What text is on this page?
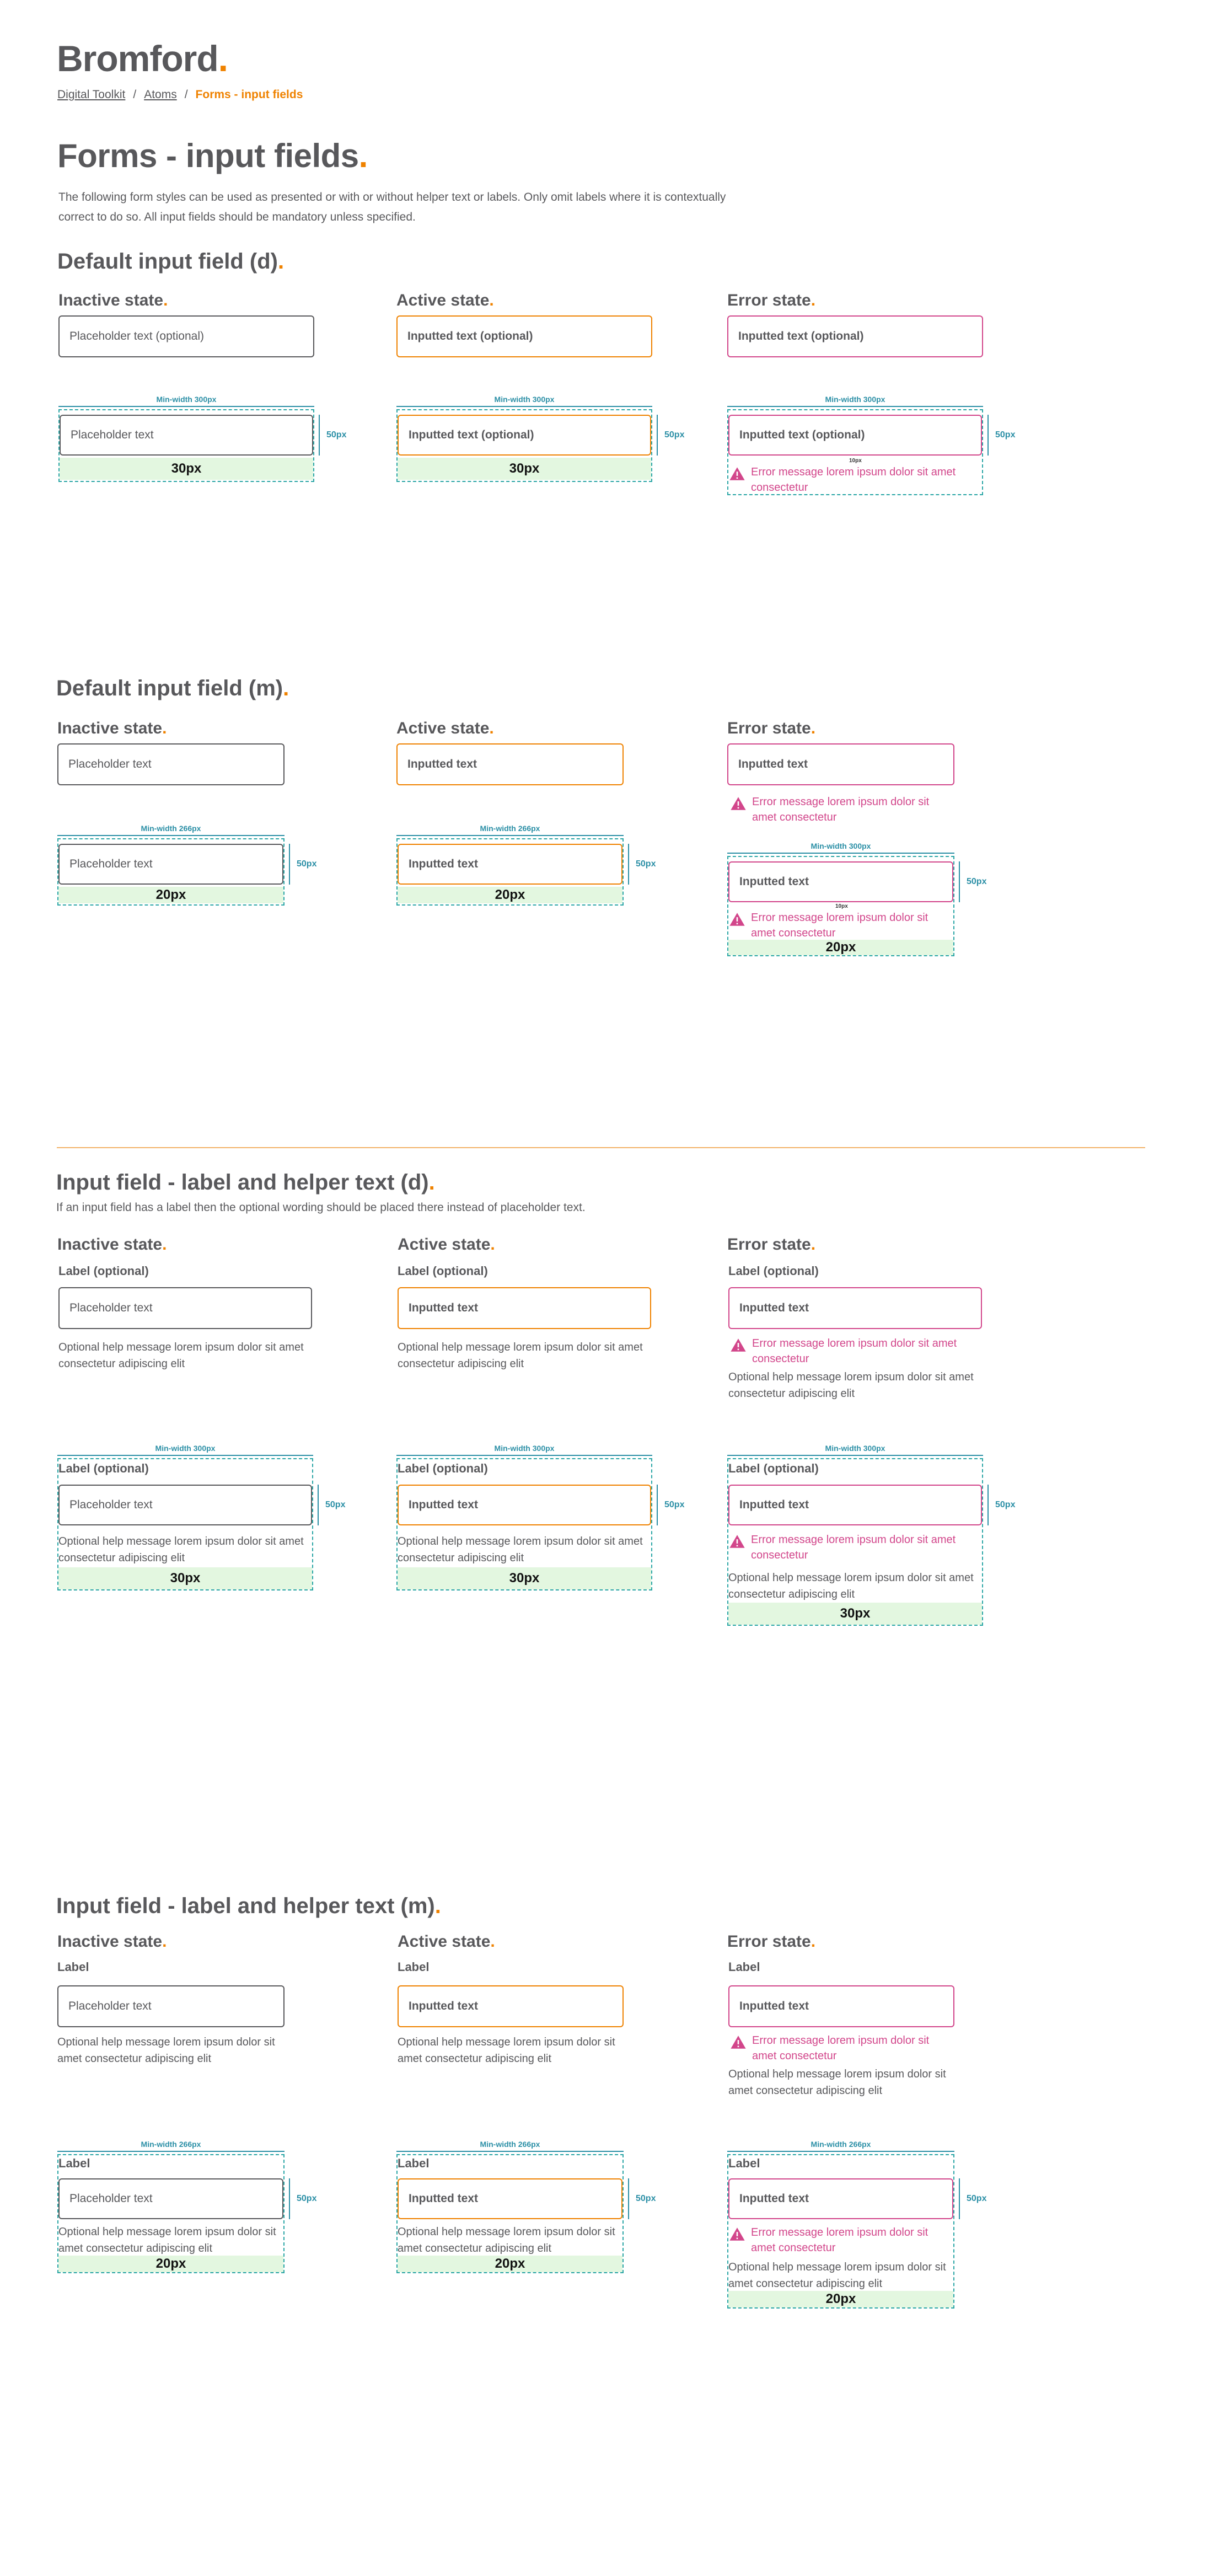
Bromford.
Digital Toolkit / Atoms / Forms - input fields
Forms - input fields.
The following form styles can be used as presented or with or without helper text or labels. Only omit labels where it is contextually correct to do so. All input fields should be mandatory unless specified.
Default input field (d).
Inactive state.	Active state.	Error state.
Placeholder text (optional)	Inputted text (optional)	Inputted text (optional)
Min-width 300px
Placeholder text
30px
50px
Min-width 300px
Inputted text (optional)
30px
50px
Min-width 300px
Inputted text (optional)
10px
Error message lorem ipsum dolor sit amet consectetur
50px
Default input field (m).
Inactive state.	Active state.	Error state.
Placeholder text	Inputted text	Inputted text
Error message lorem ipsum dolor sit amet consectetur
Min-width 266px
Placeholder text
20px
50px
Min-width 266px
Inputted text
20px
50px
Min-width 300px
Inputted text
10px
Error message lorem ipsum dolor sit amet consectetur
20px
50px
Input field - label and helper text (d).
If an input field has a label then the optional wording should be placed there instead of placeholder text.
Inactive state.	Active state.	Error state.
Label (optional)	Label (optional)	Label (optional)
Placeholder text	Inputted text	Inputted text
Optional help message lorem ipsum dolor sit amet consectetur adipiscing elit
Optional help message lorem ipsum dolor sit amet consectetur adipiscing elit
Error message lorem ipsum dolor sit amet consectetur
Optional help message lorem ipsum dolor sit amet consectetur adipiscing elit
Min-width 300px
Label (optional)
Placeholder text
Optional help message lorem ipsum dolor sit amet consectetur adipiscing elit
30px
50px
Min-width 300px
Label (optional)
Inputted text
Optional help message lorem ipsum dolor sit amet consectetur adipiscing elit
30px
50px
Min-width 300px
Label (optional)
Inputted text
Error message lorem ipsum dolor sit amet consectetur
Optional help message lorem ipsum dolor sit amet consectetur adipiscing elit
30px
50px
Input field - label and helper text (m).
Inactive state.	Active state.	Error state.
Label	Label	Label
Placeholder text	Inputted text	Inputted text
Optional help message lorem ipsum dolor sit amet consectetur adipiscing elit
Optional help message lorem ipsum dolor sit amet consectetur adipiscing elit
Error message lorem ipsum dolor sit amet consectetur
Optional help message lorem ipsum dolor sit amet consectetur adipiscing elit
Min-width 266px
Label
Placeholder text
Optional help message lorem ipsum dolor sit amet consectetur adipiscing elit
20px
50px
Min-width 266px
Label
Inputted text
Optional help message lorem ipsum dolor sit amet consectetur adipiscing elit
20px
50px
Min-width 266px
Label
Inputted text
Error message lorem ipsum dolor sit amet consectetur
Optional help message lorem ipsum dolor sit amet consectetur adipiscing elit
20px
50px
